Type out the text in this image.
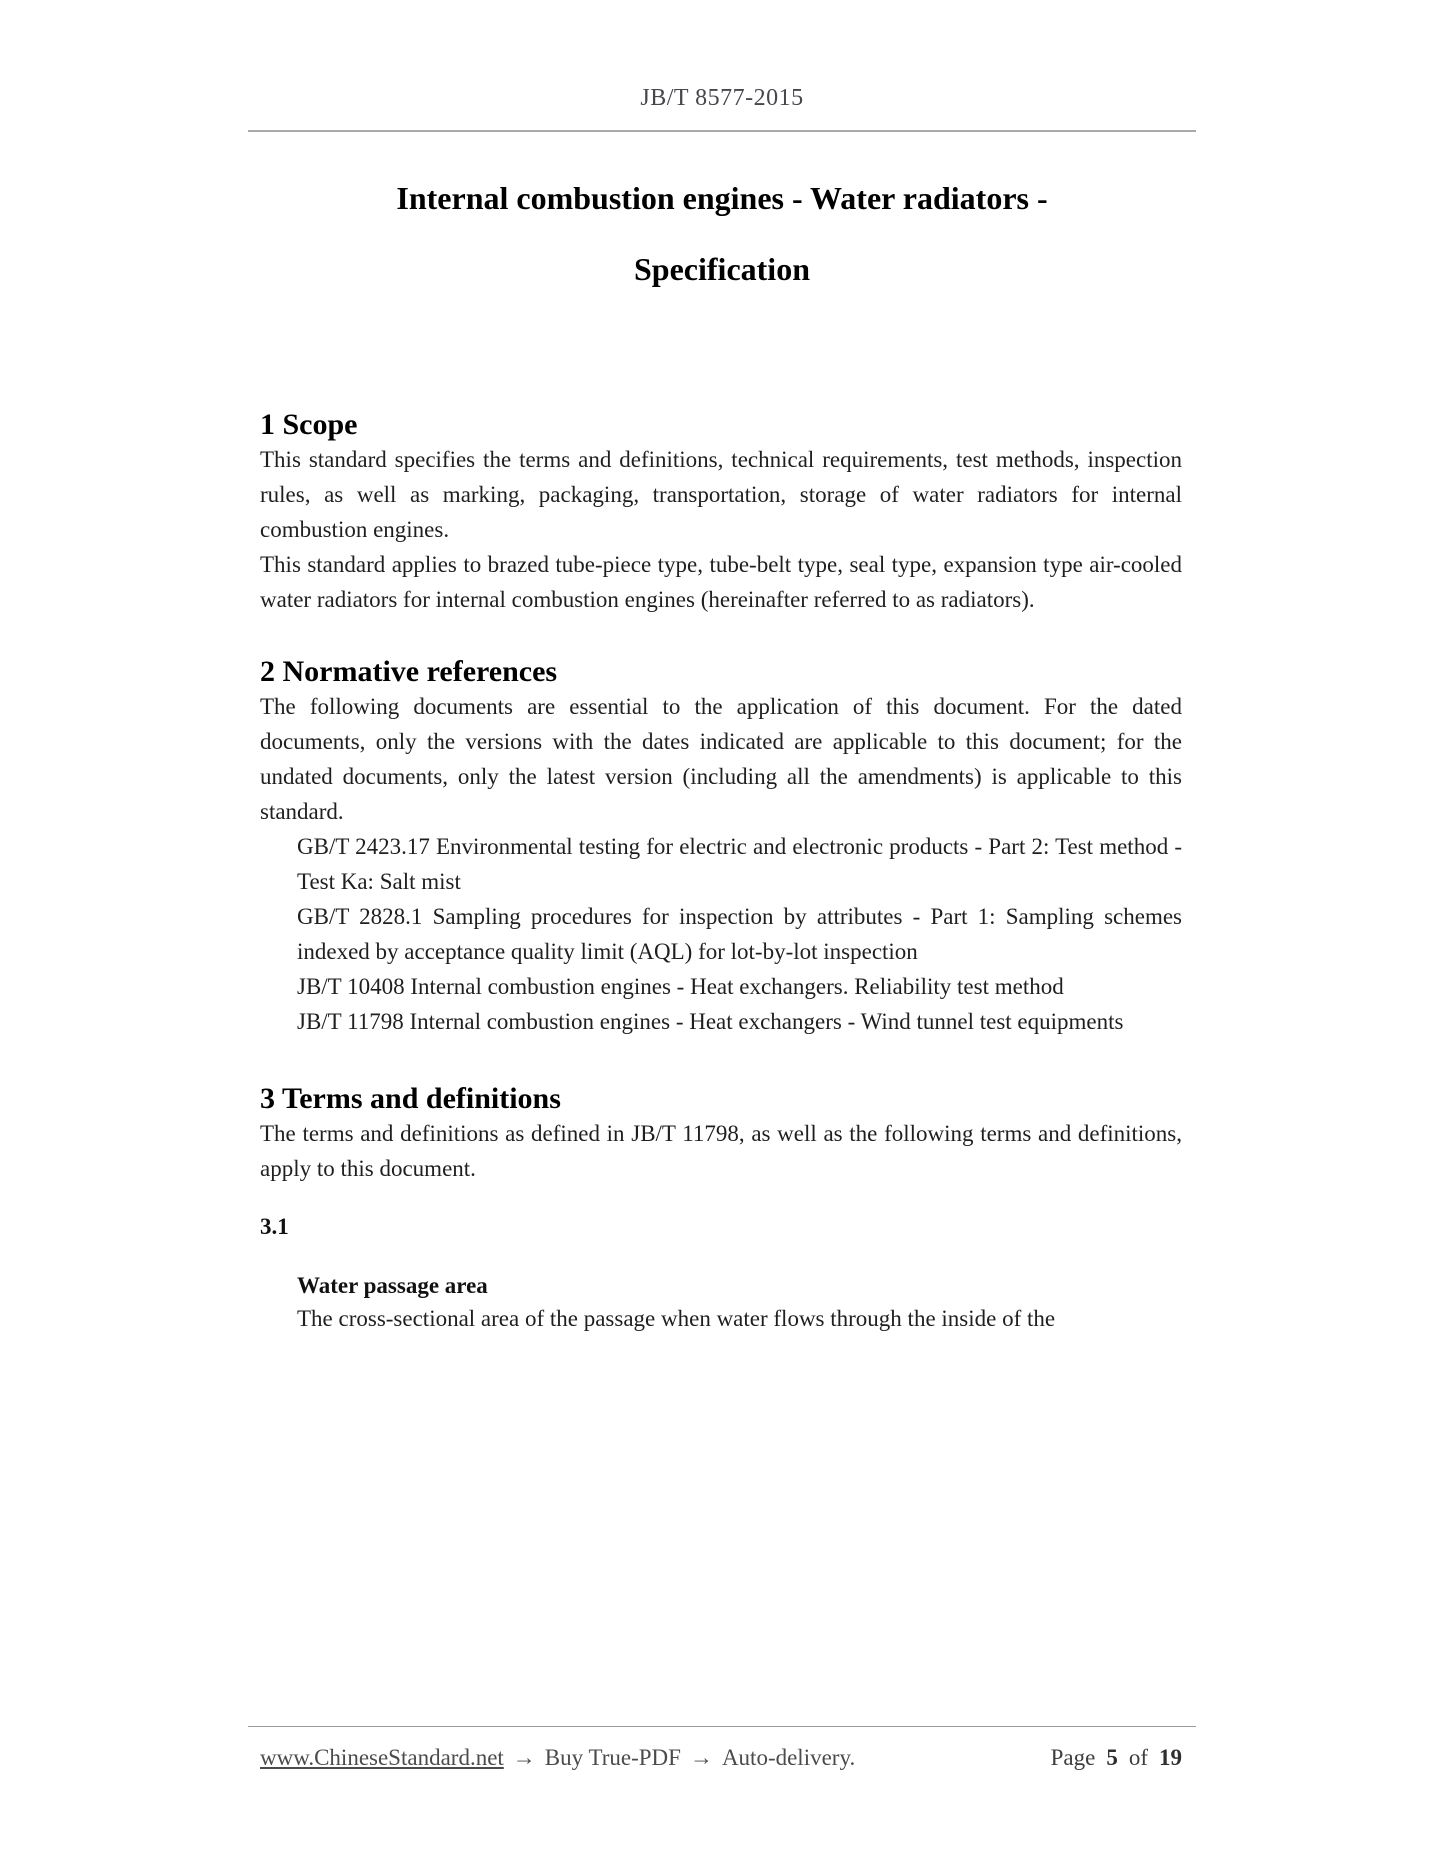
JB/T 8577-2015
Internal combustion engines - Water radiators -
Specification
1 Scope

This standard specifies the terms and definitions, technical requirements, test methods, inspection rules, as well as marking, packaging, transportation, storage of water radiators for internal combustion engines.

This standard applies to brazed tube-piece type, tube-belt type, seal type, expansion type air-cooled water radiators for internal combustion engines (hereinafter referred to as radiators).

2 Normative references

The following documents are essential to the application of this document. For the dated documents, only the versions with the dates indicated are applicable to this document; for the undated documents, only the latest version (including all the amendments) is applicable to this standard.

GB/T 2423.17 Environmental testing for electric and electronic products - Part 2: Test method - Test Ka: Salt mist

GB/T 2828.1 Sampling procedures for inspection by attributes - Part 1: Sampling schemes indexed by acceptance quality limit (AQL) for lot-by-lot inspection

JB/T 10408 Internal combustion engines - Heat exchangers. Reliability test method

JB/T 11798 Internal combustion engines - Heat exchangers - Wind tunnel test equipments

3 Terms and definitions

The terms and definitions as defined in JB/T 11798, as well as the following terms and definitions, apply to this document.

3.1
Water passage area

The cross-sectional area of the passage when water flows through the inside of the

www.ChineseStandard.net → Buy True-PDF → Auto-delivery.	Page 5 of 19
